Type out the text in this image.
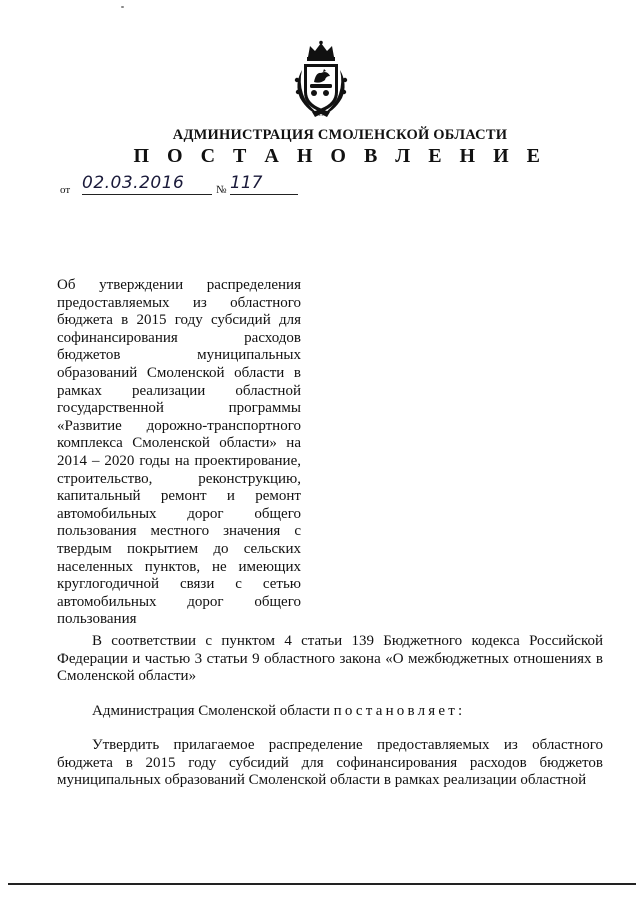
АДМИНИСТРАЦИЯ СМОЛЕНСКОЙ ОБЛАСТИ
П О С Т А Н О В Л Е Н И Е
от 02.03.2016	№ 117
Об утверждении распределения предоставляемых из областного бюджета в 2015 году субсидий для софинансирования расходов бюджетов муниципальных образований Смоленской области в рамках реализации областной государственной программы «Развитие дорожно-транспортного комплекса Смоленской области» на 2014 – 2020 годы на проектирование, строительство, реконструкцию, капитальный ремонт и ремонт автомобильных дорог общего пользования местного значения с твердым покрытием до сельских населенных пунктов, не имеющих круглогодичной связи с сетью автомобильных дорог общего пользования
В соответствии с пунктом 4 статьи 139 Бюджетного кодекса Российской Федерации и частью 3 статьи 9 областного закона «О межбюджетных отношениях в Смоленской области»
Администрация Смоленской области постановляет:
Утвердить прилагаемое распределение предоставляемых из областного бюджета в 2015 году субсидий для софинансирования расходов бюджетов муниципальных образований Смоленской области в рамках реализации областной
